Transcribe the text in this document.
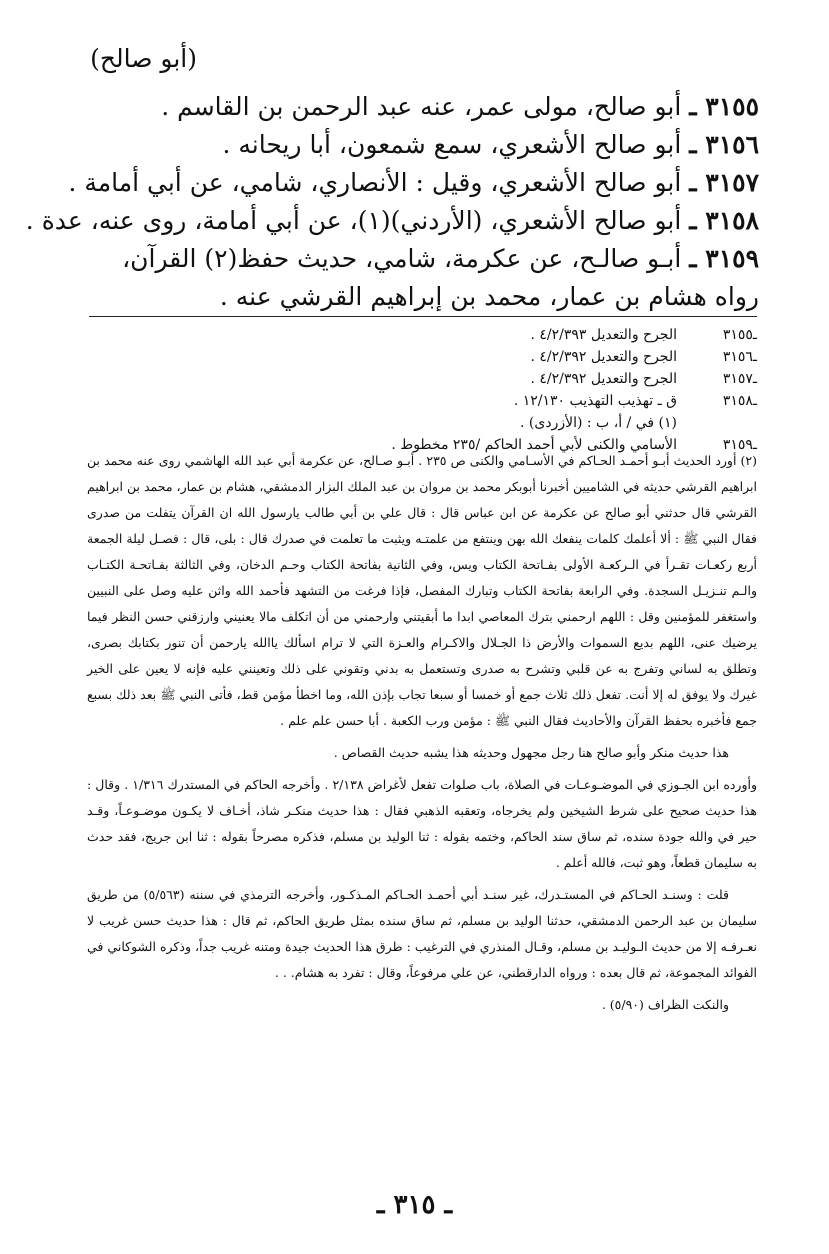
(أبو صالح)
٣١٥٥ ـ أبو صالح، مولى عمر، عنه عبد الرحمن بن القاسم .
٣١٥٦ ـ أبو صالح الأشعري، سمع شمعون، أبا ريحانه .
٣١٥٧ ـ أبو صالح الأشعري، وقيل : الأنصاري، شامي، عن أبي أمامة .
٣١٥٨ ـ أبو صالح الأشعري، (الأردني)(١)، عن أبي أمامة، روى عنه، عدة .
٣١٥٩ ـ أبـو صالـح، عن عكرمة، شامي، حديث حفظ(٢) القرآن، رواه هشام بن عمار، محمد بن إبراهيم القرشي عنه .
ـ٣١٥٥
الجرح والتعديل ٤/٢/٣٩٣ .
ـ٣١٥٦
الجرح والتعديل ٤/٢/٣٩٢ .
ـ٣١٥٧
الجرح والتعديل ٤/٢/٣٩٢ .
ـ٣١٥٨
ق ـ تهذيب التهذيب ١٢/١٣٠ .
(١) في / أ، ب : (الأزردى) .
ـ٣١٥٩
الأسامي والكنى لأبي أحمد الحاكم /٢٣٥ مخطوط .

(٢) أورد الحديث أبـو أحمـد الحـاكم في الأسـامي والكنى ص ٢٣٥ . أبـو صـالح، عن عكرمة أبي عبد الله الهاشمي روى عنه محمد بن ابراهيم القرشي حديثه في الشاميين أخبرنا أبوبكر محمد بن مروان بن عبد الملك البزار الدمشقي، هشام بن عمار، محمد بن ابراهيم القرشي قال حدثني أبو صالح عن عكرمة عن ابن عباس قال : قال علي بن أبي طالب يارسول الله ان القرآن يتفلت من صدرى فقال النبي ﷺ : ألا أعلمك كلمات ينفعك الله بهن وينتفع من علمتـه ويثبت ما تعلمت في صدرك قال : بلى، قال : فصـل ليلة الجمعة أربع ركعـات تقـرأ في الـركعـة الأولى بفـاتحة الكتاب ويس، وفي الثانية بفاتحة الكتاب وحـم الدخان، وفي الثالثة بفـاتحـة الكتـاب والـم تنـزيـل السجدة. وفي الرابعة بفاتحة الكتاب وتبارك المفصل، فإذا فرغت من التشهد فأحمد الله واثن عليه وصل على النبيين واستغفر للمؤمنين وقل : اللهم ارحمني بترك المعاصي ابدا ما أبقيتني وارحمني من أن اتكلف مالا يعنيني وارزقني حسن النظر فيما يرضيك عنى، اللهم بديع السموات والأرض ذا الجـلال والاكـرام والعـزة التي لا ترام اسألك ياالله يارحمن أن تنور بكتابك بصرى، وتطلق به لساني وتفرج به عن قلبي وتشرح به صدرى وتستعمل به بدني وتقوني على ذلك وتعينني عليه فإنه لا يعين على الخير غيرك ولا يوفق له إلا أنت. تفعل ذلك ثلاث جمع أو خمسا أو سبعا تجاب بإذن الله، وما اخطأ مؤمن قط، فأتى النبي ﷺ بعد ذلك بسبع جمع فأخبره بحفظ القرآن والأحاديث فقال النبي ﷺ : مؤمن ورب الكعبة . أبا حسن علم علم .

هذا حديث منكر وأبو صالح هنا رجل مجهول وحديثه هذا يشبه حديث القصاص .

وأورده ابن الجـوزي في الموضـوعـات في الصلاة، باب صلوات تفعل لأغراض ٢/١٣٨ . وأخرجه الحاكم في المستدرك ١/٣١٦ . وقال : هذا حديث صحيح على شرط الشيخين ولم يخرجاه، وتعقبه الذهبي فقال : هذا حديث منكـر شاذ، أخـاف لا يكـون موضـوعـاً، وقـد حير في والله جودة سنده، ثم ساق سند الحاكم، وختمه بقوله : ثنا الوليد بن مسلم، فذكره مصرحاً بقوله : ثنا ابن جريج، فقد حدث به سليمان قطعاً، وهو ثبت، فالله أعلم .

قلت : وسنـد الحـاكم في المستـدرك، غير سنـد أبي أحمـد الحـاكم المـذكـور، وأخرجه الترمذي في سننه (٥/٥٦٣) من طريق سليمان بن عبد الرحمن الدمشقي، حدثنا الوليد بن مسلم، ثم ساق سنده بمثل طريق الحاكم، ثم قال : هذا حديث حسن غريب لا نعـرفـه إلا من حديث الـوليـد بن مسلم، وقـال المنذري في الترغيب : طرق هذا الحديث جيدة ومتنه غريب جداً، وذكره الشوكاني في الفوائد المجموعة، ثم قال بعده : ورواه الدارقطني، عن علي مرفوعاً، وقال : تفرد به هشام. . .

والنكت الظراف (٥/٩٠) .

ـ ٣١٥ ـ
